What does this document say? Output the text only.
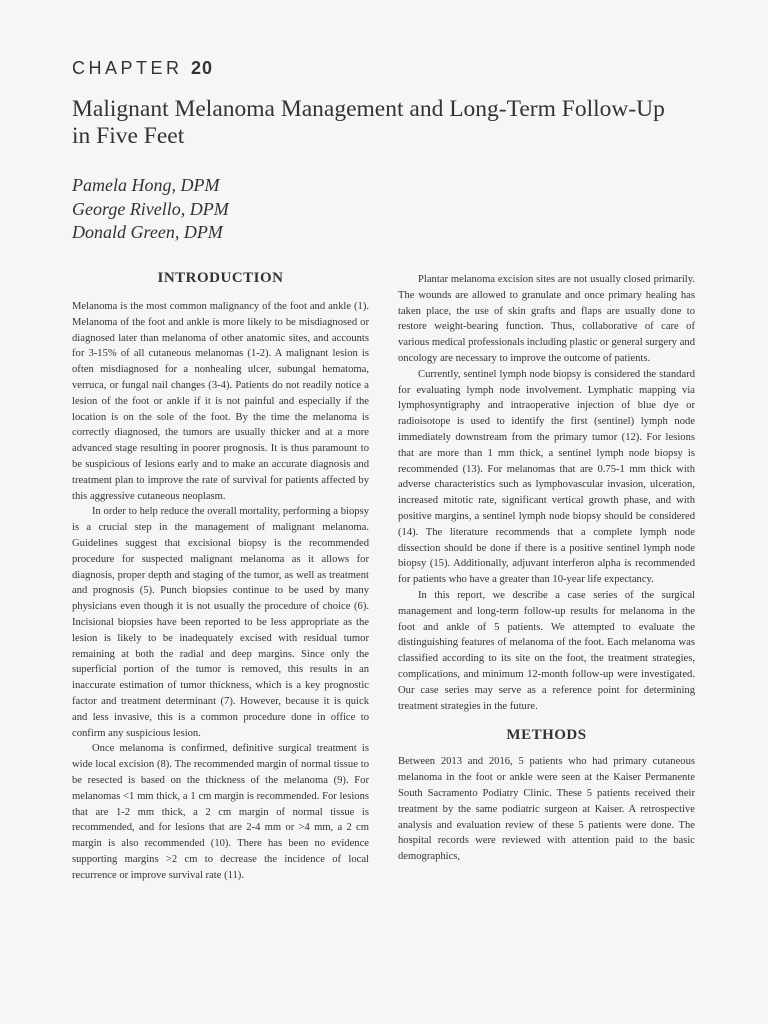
CHAPTER 20
Malignant Melanoma Management and Long-Term Follow-Up in Five Feet
Pamela Hong, DPM
George Rivello, DPM
Donald Green, DPM
INTRODUCTION

Melanoma is the most common malignancy of the foot and ankle (1). Melanoma of the foot and ankle is more likely to be misdiagnosed or diagnosed later than melanoma of other anatomic sites, and accounts for 3-15% of all cutaneous melanomas (1-2). A malignant lesion is often misdiagnosed for a nonhealing ulcer, subungal hematoma, verruca, or fungal nail changes (3-4). Patients do not readily notice a lesion of the foot or ankle if it is not painful and especially if the location is on the sole of the foot. By the time the melanoma is correctly diagnosed, the tumors are usually thicker and at a more advanced stage resulting in poorer prognosis. It is thus paramount to be suspicious of lesions early and to make an accurate diagnosis and treatment plan to improve the rate of survival for patients affected by this aggressive cutaneous neoplasm.

In order to help reduce the overall mortality, performing a biopsy is a crucial step in the management of malignant melanoma. Guidelines suggest that excisional biopsy is the recommended procedure for suspected malignant melanoma as it allows for diagnosis, proper depth and staging of the tumor, as well as treatment and prognosis (5). Punch biopsies continue to be used by many physicians even though it is not usually the procedure of choice (6). Incisional biopsies have been reported to be less appropriate as the lesion is likely to be inadequately excised with residual tumor remaining at both the radial and deep margins. Since only the superficial portion of the tumor is removed, this results in an inaccurate estimation of tumor thickness, which is a key prognostic factor and treatment determinant (7). However, because it is quick and less invasive, this is a common procedure done in office to confirm any suspicious lesion.

Once melanoma is confirmed, definitive surgical treatment is wide local excision (8). The recommended margin of normal tissue to be resected is based on the thickness of the melanoma (9). For melanomas <1 mm thick, a 1 cm margin is recommended. For lesions that are 1-2 mm thick, a 2 cm margin of normal tissue is recommended, and for lesions that are 2-4 mm or >4 mm, a 2 cm margin is also recommended (10). There has been no evidence supporting margins >2 cm to decrease the incidence of local recurrence or improve survival rate (11).

Plantar melanoma excision sites are not usually closed primarily. The wounds are allowed to granulate and once primary healing has taken place, the use of skin grafts and flaps are usually done to restore weight-bearing function. Thus, collaborative of care of various medical professionals including plastic or general surgery and oncology are necessary to improve the outcome of patients.

Currently, sentinel lymph node biopsy is considered the standard for evaluating lymph node involvement. Lymphatic mapping via lymphosyntigraphy and intraoperative injection of blue dye or radioisotope is used to identify the first (sentinel) lymph node immediately downstream from the primary tumor (12). For lesions that are more than 1 mm thick, a sentinel lymph node biopsy is recommended (13). For melanomas that are 0.75-1 mm thick with adverse characteristics such as lymphovascular invasion, ulceration, increased mitotic rate, significant vertical growth phase, and with positive margins, a sentinel lymph node biopsy should be considered (14). The literature recommends that a complete lymph node dissection should be done if there is a positive sentinel lymph node biopsy (15). Additionally, adjuvant interferon alpha is recommended for patients who have a greater than 10-year life expectancy.

In this report, we describe a case series of the surgical management and long-term follow-up results for melanoma in the foot and ankle of 5 patients. We attempted to evaluate the distinguishing features of melanoma of the foot. Each melanoma was classified according to its site on the foot, the treatment strategies, complications, and minimum 12-month follow-up were investigated. Our case series may serve as a reference point for determining treatment strategies in the future.

METHODS

Between 2013 and 2016, 5 patients who had primary cutaneous melanoma in the foot or ankle were seen at the Kaiser Permanente South Sacramento Podiatry Clinic. These 5 patients received their treatment by the same podiatric surgeon at Kaiser. A retrospective analysis and evaluation review of these 5 patients were done. The hospital records were reviewed with attention paid to the basic demographics,
